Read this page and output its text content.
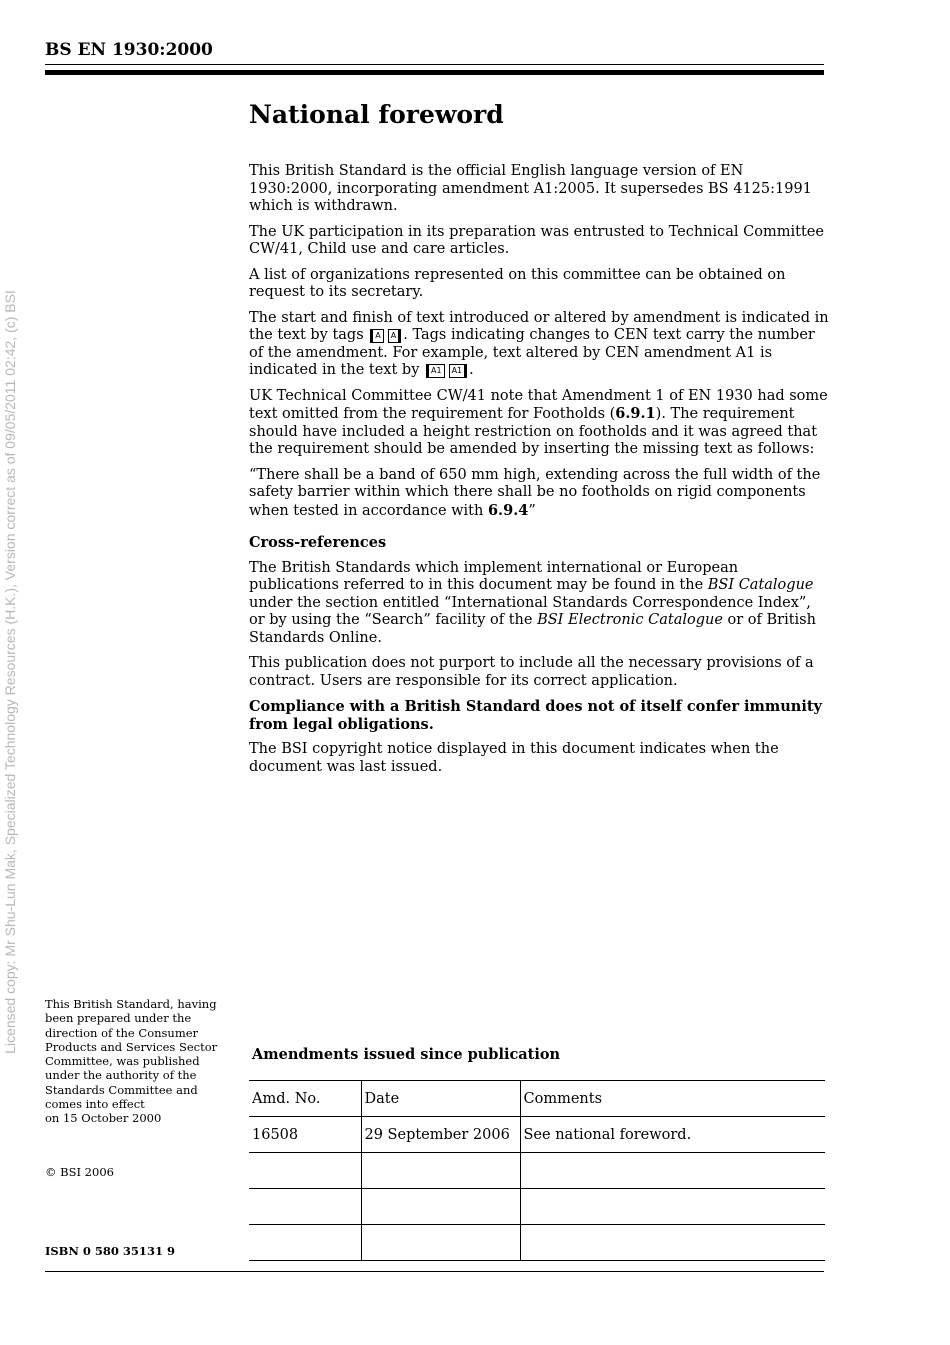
Licensed copy: Mr Shu-Lun Mak, Specialized Technology Resources (H.K.), Version correct as of 09/05/2011 02:42, (c) BSI
BS EN 1930:2000
National foreword

This British Standard is the official English language version of EN 1930:2000, incorporating amendment A1:2005. It supersedes BS 4125:1991 which is withdrawn.

The UK participation in its preparation was entrusted to Technical Committee CW/41, Child use and care articles.

A list of organizations represented on this committee can be obtained on request to its secretary.

The start and finish of text introduced or altered by amendment is indicated in the text by tags A A . Tags indicating changes to CEN text carry the number of the amendment. For example, text altered by CEN amendment A1 is indicated in the text by A1 A1 .

UK Technical Committee CW/41 note that Amendment 1 of EN 1930 had some text omitted from the requirement for Footholds (6.9.1). The requirement should have included a height restriction on footholds and it was agreed that the requirement should be amended by inserting the missing text as follows:

“There shall be a band of 650 mm high, extending across the full width of the safety barrier within which there shall be no footholds on rigid components when tested in accordance with 6.9.4”

Cross-references

The British Standards which implement international or European publications referred to in this document may be found in the BSI Catalogue under the section entitled “International Standards Correspondence Index”, or by using the “Search” facility of the BSI Electronic Catalogue or of British Standards Online.

This publication does not purport to include all the necessary provisions of a contract. Users are responsible for its correct application.

Compliance with a British Standard does not of itself confer immunity from legal obligations.

The BSI copyright notice displayed in this document indicates when the document was last issued.

This British Standard, having been prepared under the direction of the Consumer Products and Services Sector Committee, was published under the authority of the Standards Committee and comes into effect
on 15 October 2000
© BSI 2006
ISBN 0 580 35131 9
Amendments issued since publication
Amd. No.	Date	Comments
16508	29 September 2006	See national foreword.
